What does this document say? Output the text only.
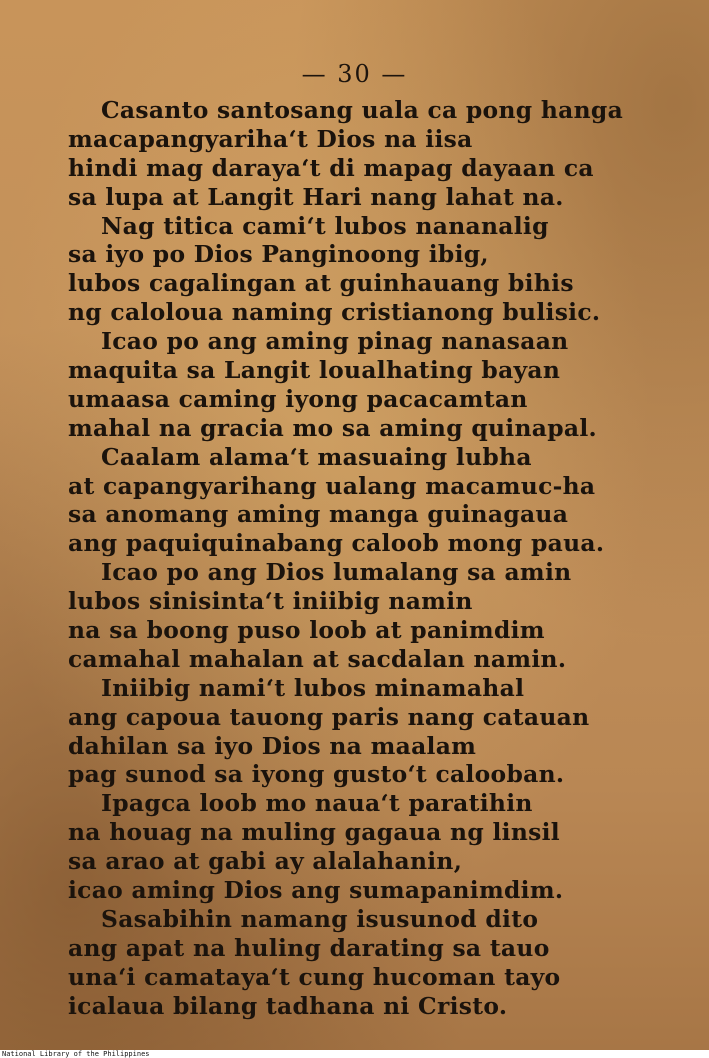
— 30 —
Casanto santosang uala ca pong hanga
macapangyariha‘t Dios na iisa
hindi mag daraya‘t di mapag dayaan ca
sa lupa at Langit Hari nang lahat na.
Nag titica cami‘t lubos nananalig
sa iyo po Dios Panginoong ibig,
lubos cagalingan at guinhauang bihis
ng caloloua naming cristianong bulisic.
Icao po ang aming pinag nanasaan
maquita sa Langit loualhating bayan
umaasa caming iyong pacacamtan
mahal na gracia mo sa aming quinapal.
Caalam alama‘t masuaing lubha
at capangyarihang ualang macamuc-ha
sa anomang aming manga guinagaua
ang paquiquinabang caloob mong paua.
Icao po ang Dios lumalang sa amin
lubos sinisinta‘t iniibig namin
na sa boong puso loob at panimdim
camahal mahalan at sacdalan namin.
Iniibig nami‘t lubos minamahal
ang capoua tauong paris nang catauan
dahilan sa iyo Dios na maalam
pag sunod sa iyong gusto‘t calooban.
Ipagca loob mo naua‘t paratihin
na houag na muling gagaua ng linsil
sa arao at gabi ay alalahanin,
icao aming Dios ang sumapanimdim.
Sasabihin namang isusunod dito
ang apat na huling darating sa tauo
una‘i camataya‘t cung hucoman tayo
icalaua bilang tadhana ni Cristo.
National Library of the Philippines
